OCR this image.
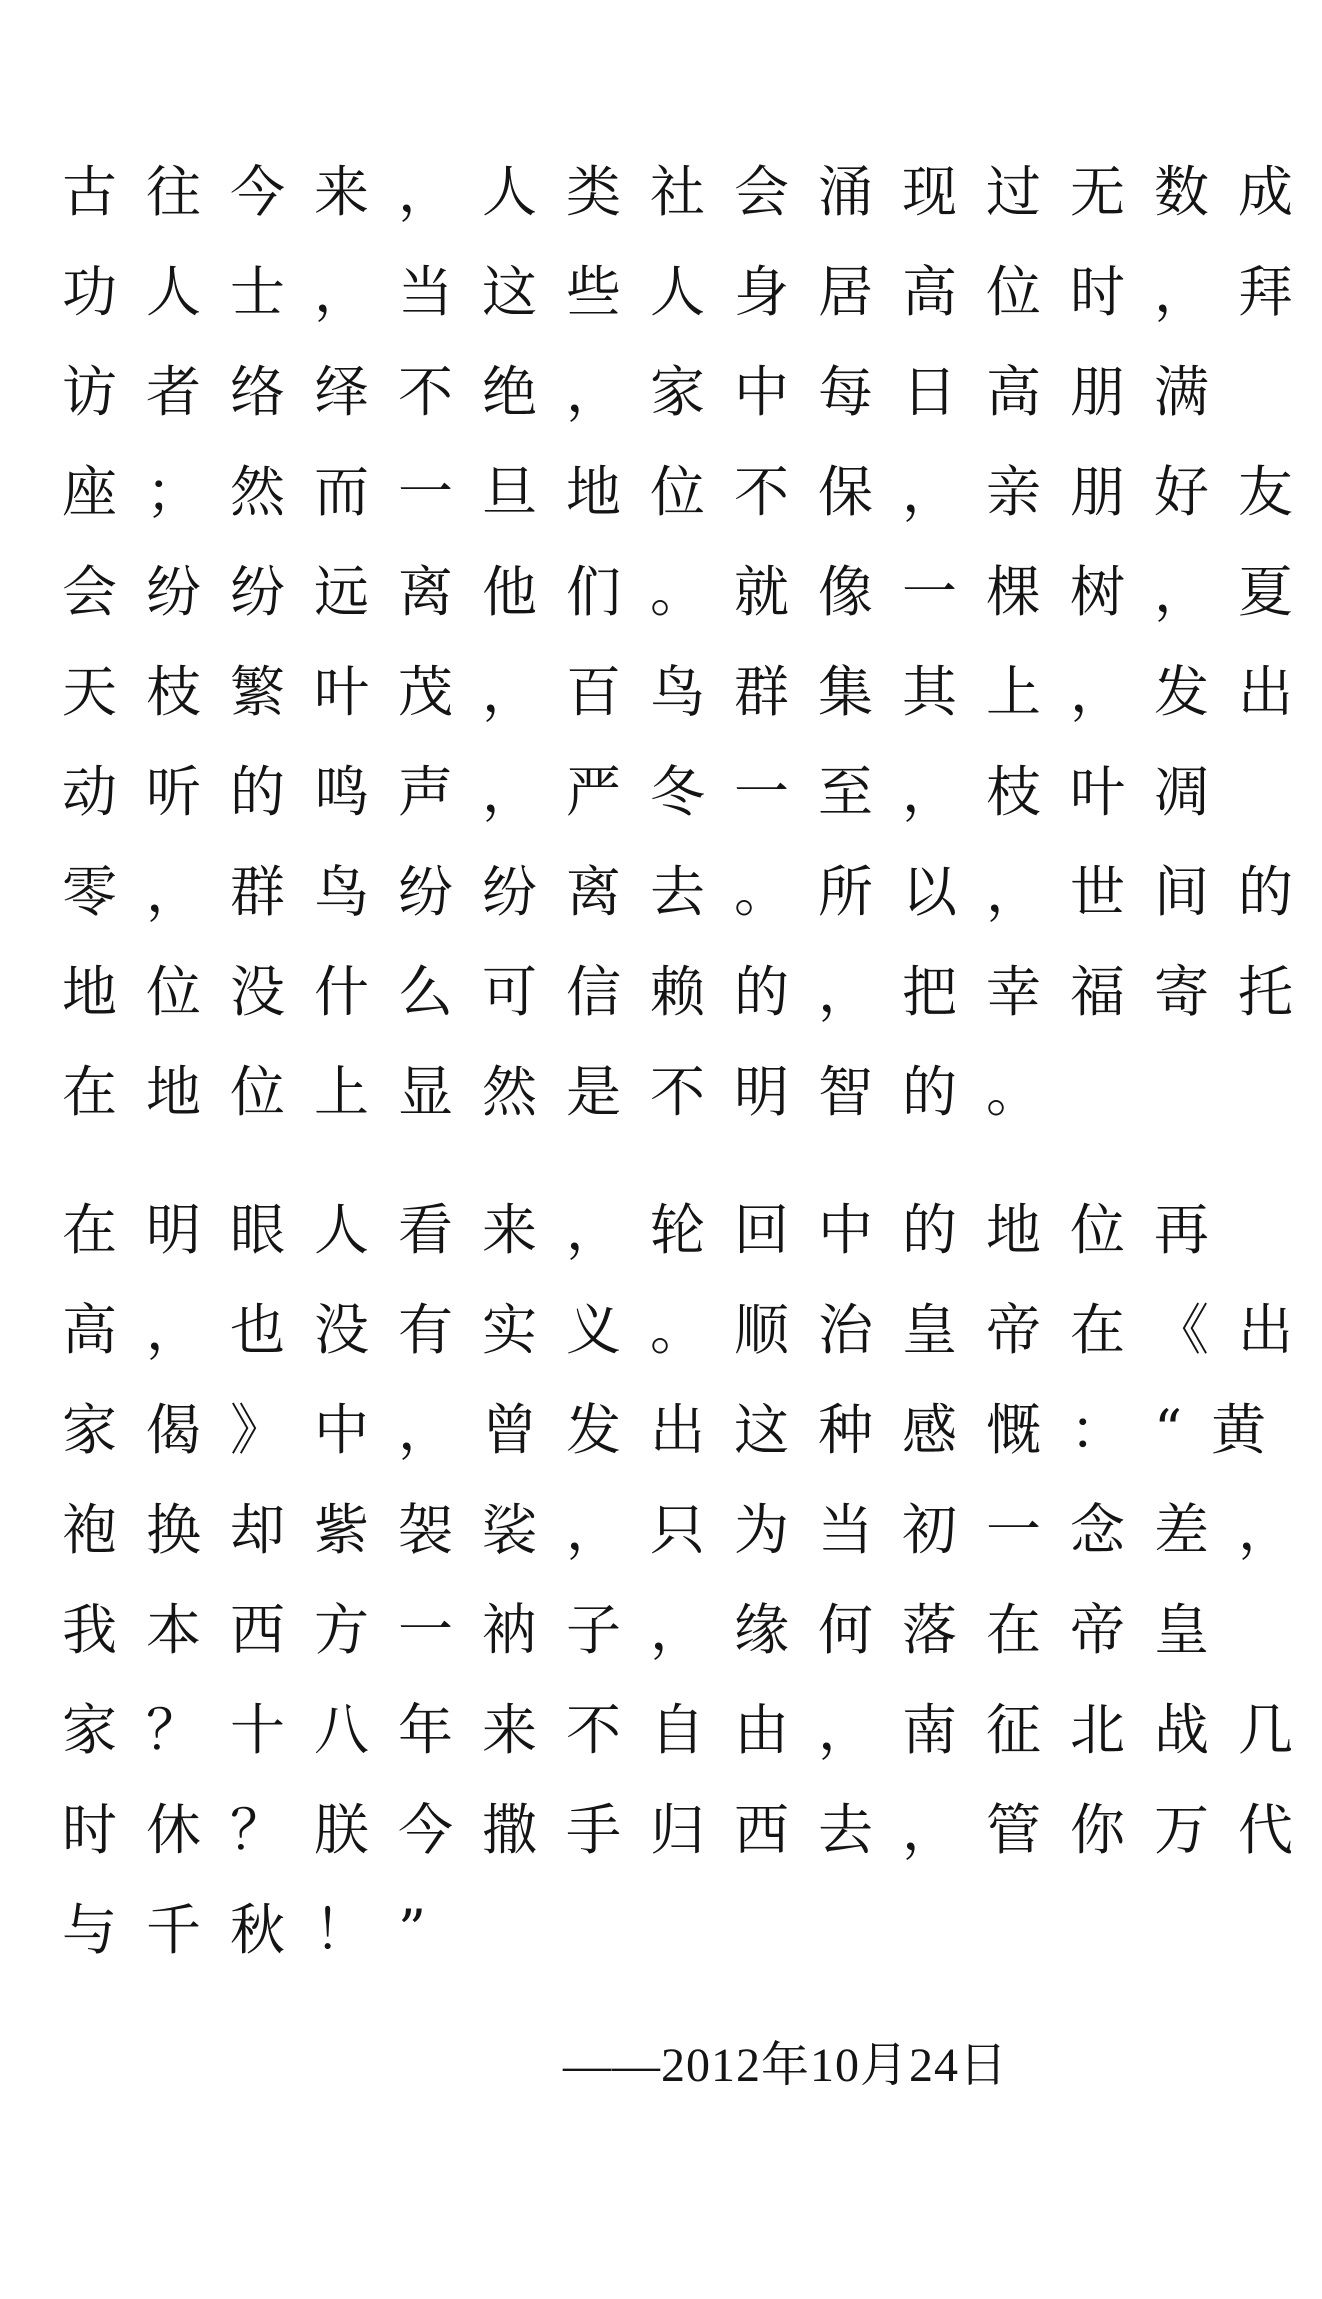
古往今来，人类社会涌现过无数成
功人士，当这些人身居高位时，拜
访者络绎不绝，家中每日高朋满
座；然而一旦地位不保，亲朋好友
会纷纷远离他们。就像一棵树，夏
天枝繁叶茂，百鸟群集其上，发出
动听的鸣声，严冬一至，枝叶凋
零，群鸟纷纷离去。所以，世间的
地位没什么可信赖的，把幸福寄托
在地位上显然是不明智的。
在明眼人看来，轮回中的地位再
高，也没有实义。顺治皇帝在《出
家偈》中，曾发出这种感慨：“黄
袍换却紫袈裟，只为当初一念差，
我本西方一衲子，缘何落在帝皇
家？十八年来不自由，南征北战几
时休？朕今撒手归西去，管你万代
与千秋！”
——2012年10月24日
